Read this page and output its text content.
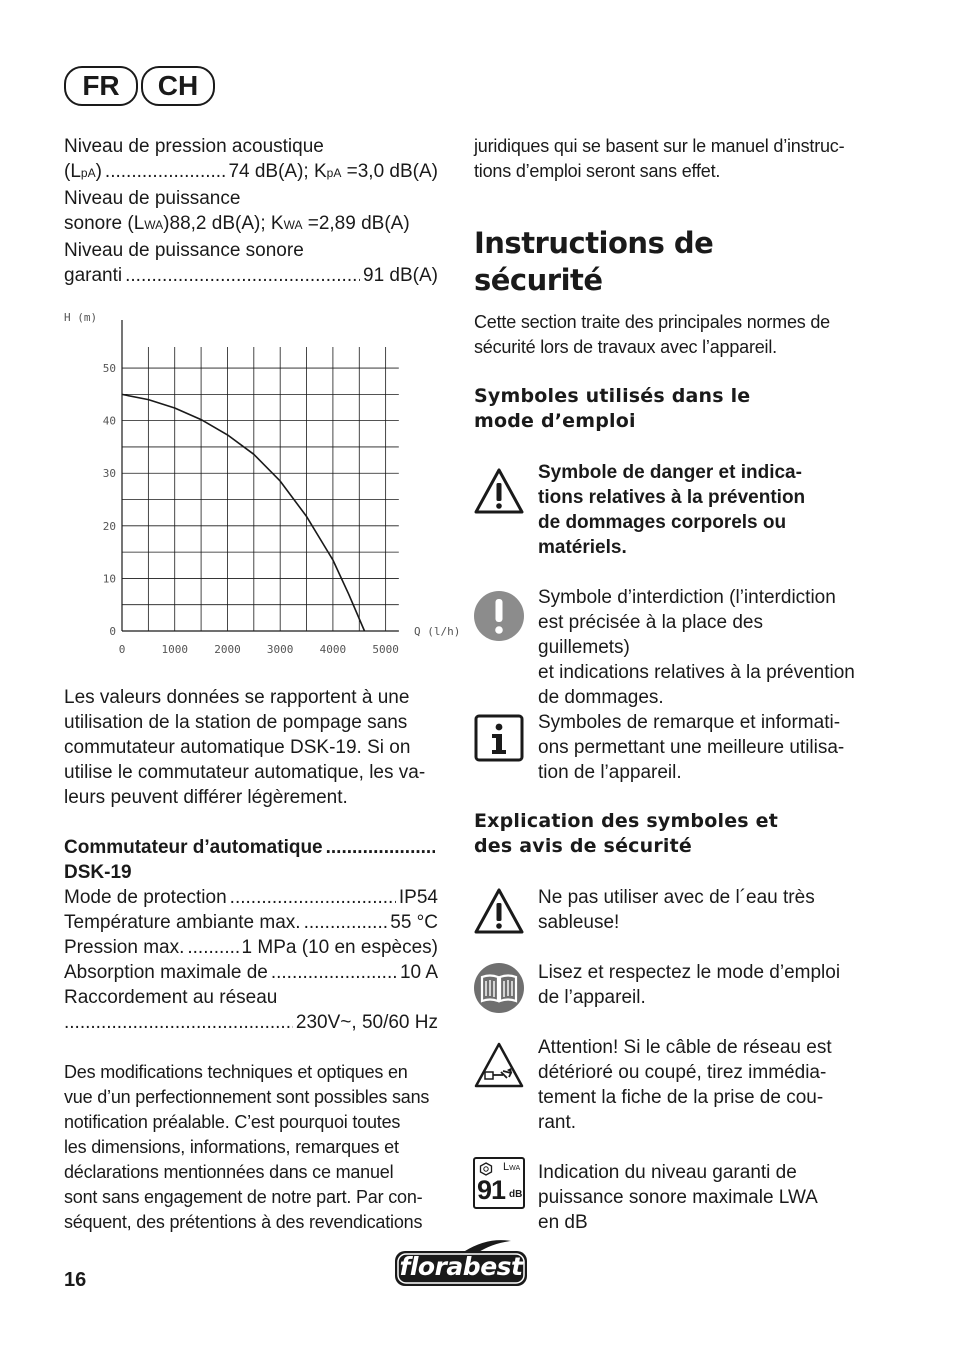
FR	CH
Niveau de pression acoustique
(L pA ) .....	74 dB(A); K pA
=3,0 dB(A)
Niveau de puissance
sonore (L WA )88,2 dB(A); K WA
=2,89 dB(A)
Niveau de puissance sonore
garanti .....	91 dB(A)
0	1000 2000 3000 4000 5000
0
10
20
30
40
50
H (m)
Q (l/h)
Les valeurs données se rapportent à une
utilisation de la station de pompage sans
commutateur automatique DSK-19. Si on
utilise le commutateur automatique, les va-
leurs peuvent différer légèrement.
Commutateur d’automatique
.....
DSK-19
Mode de protection .....	IP54
Température ambiante max. .....	55 °C
Pression max. .....	1 MPa (10 en espèces)
Absorption maximale de .....	10 A
Raccordement au réseau
.....
230V~, 50/60 Hz
Des modifications techniques et optiques en
vue d’un perfectionnement sont possibles sans
notification préalable. C’est pourquoi toutes
les dimensions, informations, remarques et
déclarations mentionnées dans ce manuel
sont sans engagement de notre part. Par con-
séquent, des prétentions à des revendications
juridiques qui se basent sur le manuel d’instruc-
tions d’emploi seront sans effet.
Instructions de
sécurité
Cette section traite des principales normes de
sécurité lors de travaux avec l’appareil.
Symboles utilisés dans le
mode d’emploi
Symbole de danger et indica-
tions relatives à la prévention
de dommages corporels ou
matériels.
Symbole d’interdiction (l’interdiction
est précisée à la place des guillemets)
et indications relatives à la prévention
de dommages.
Symboles de remarque et informati-
ons permettant une meilleure utilisa-
tion de l’appareil.
Explication des symboles et
des avis de sécurité
Ne pas utiliser avec de l´eau très
sableuse!
Lisez et respectez le mode d’emploi
de l’appareil.
Attention! Si le câble de réseau est
détérioré ou coupé, tirez immédia-
tement la fiche de la prise de cou-
rant.
LWA
91 dB
Indication du niveau garanti de
puissance sonore maximale LWA
en dB
16	florabest
